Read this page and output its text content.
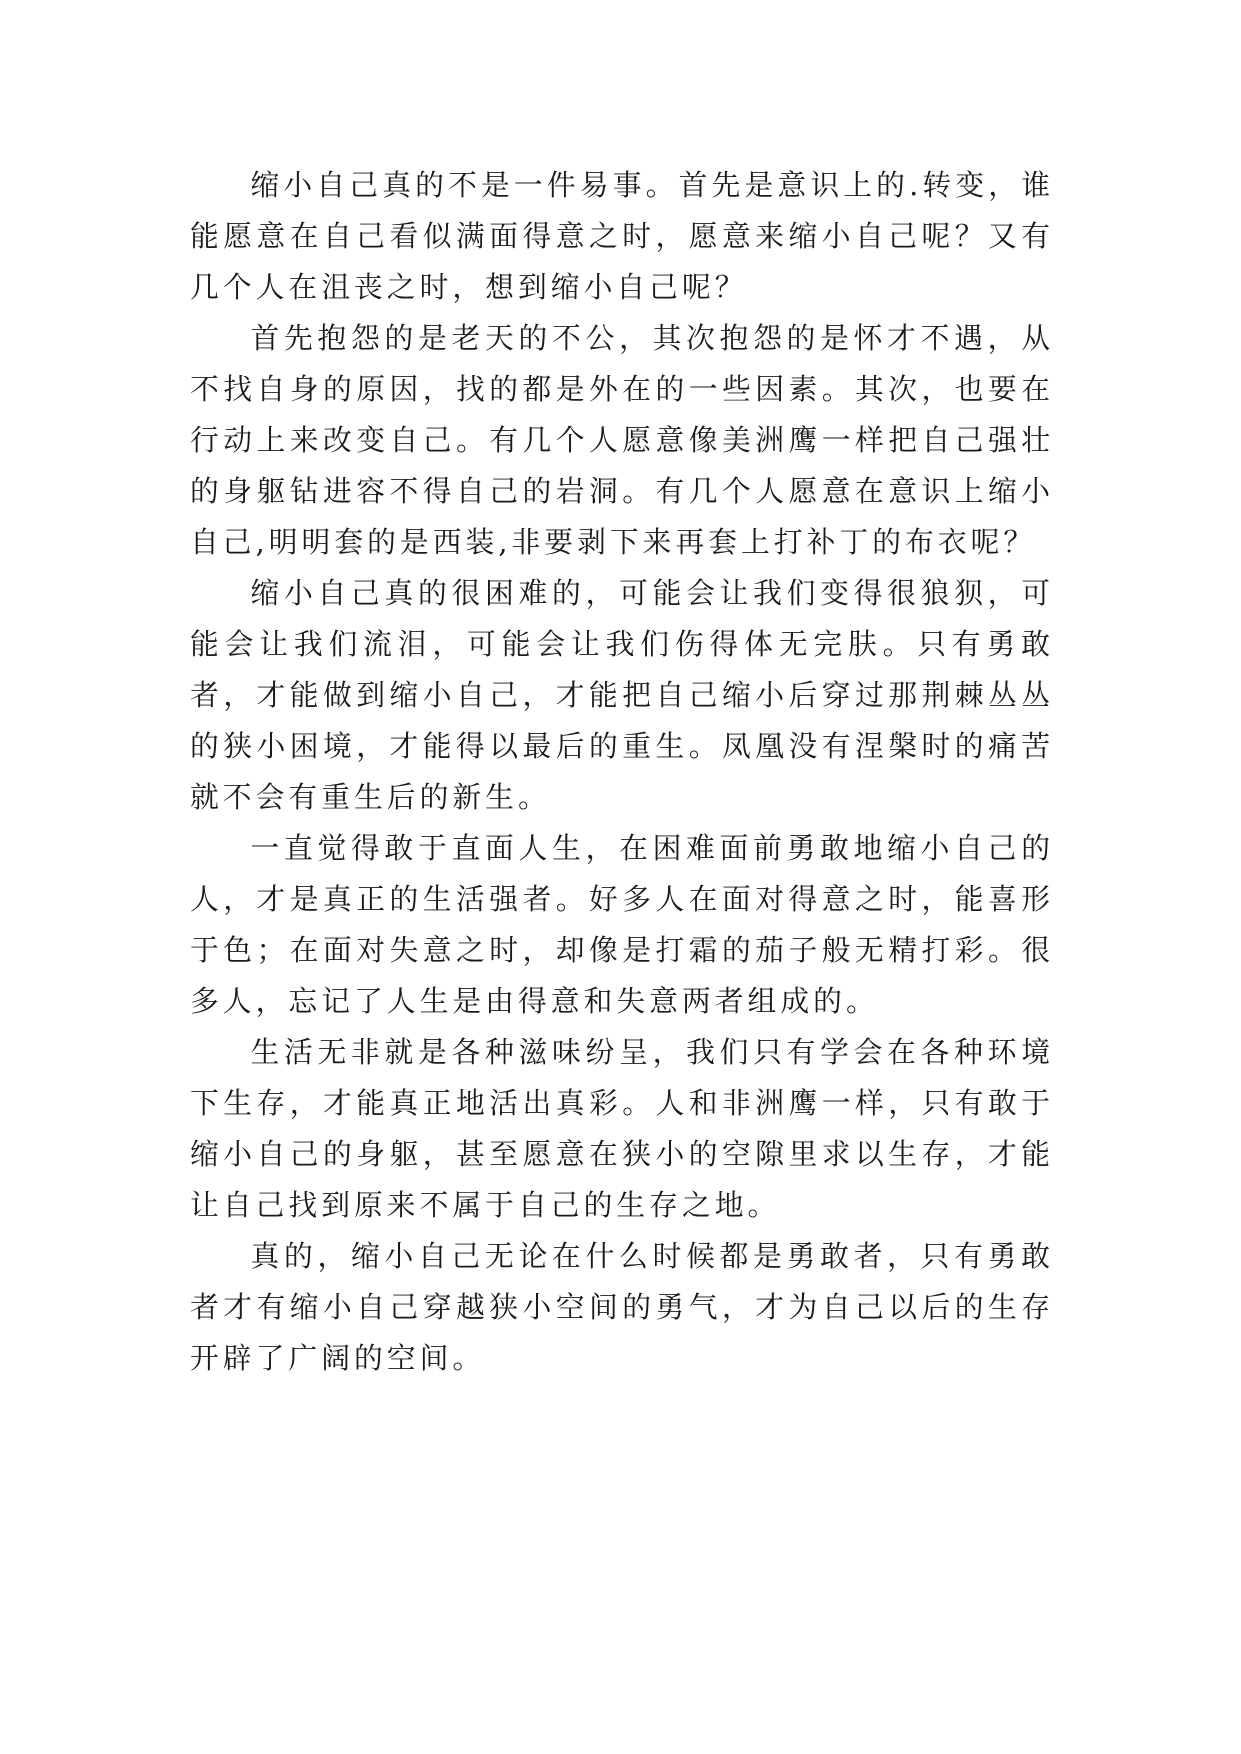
缩小自己真的不是一件易事。首先是意识上的.转变，谁能愿意在自己看似满面得意之时，愿意来缩小自己呢？又有几个人在沮丧之时，想到缩小自己呢？

首先抱怨的是老天的不公，其次抱怨的是怀才不遇，从不找自身的原因，找的都是外在的一些因素。其次，也要在行动上来改变自己。有几个人愿意像美洲鹰一样把自己强壮的身躯钻进容不得自己的岩洞。有几个人愿意在意识上缩小自己,明明套的是西装,非要剥下来再套上打补丁的布衣呢？

缩小自己真的很困难的，可能会让我们变得很狼狈，可能会让我们流泪，可能会让我们伤得体无完肤。只有勇敢者，才能做到缩小自己，才能把自己缩小后穿过那荆棘丛丛的狭小困境，才能得以最后的重生。凤凰没有涅槃时的痛苦就不会有重生后的新生。

一直觉得敢于直面人生，在困难面前勇敢地缩小自己的人，才是真正的生活强者。好多人在面对得意之时，能喜形于色；在面对失意之时，却像是打霜的茄子般无精打彩。很多人，忘记了人生是由得意和失意两者组成的。

生活无非就是各种滋味纷呈，我们只有学会在各种环境下生存，才能真正地活出真彩。人和非洲鹰一样，只有敢于缩小自己的身躯，甚至愿意在狭小的空隙里求以生存，才能让自己找到原来不属于自己的生存之地。

真的，缩小自己无论在什么时候都是勇敢者，只有勇敢者才有缩小自己穿越狭小空间的勇气，才为自己以后的生存开辟了广阔的空间。
